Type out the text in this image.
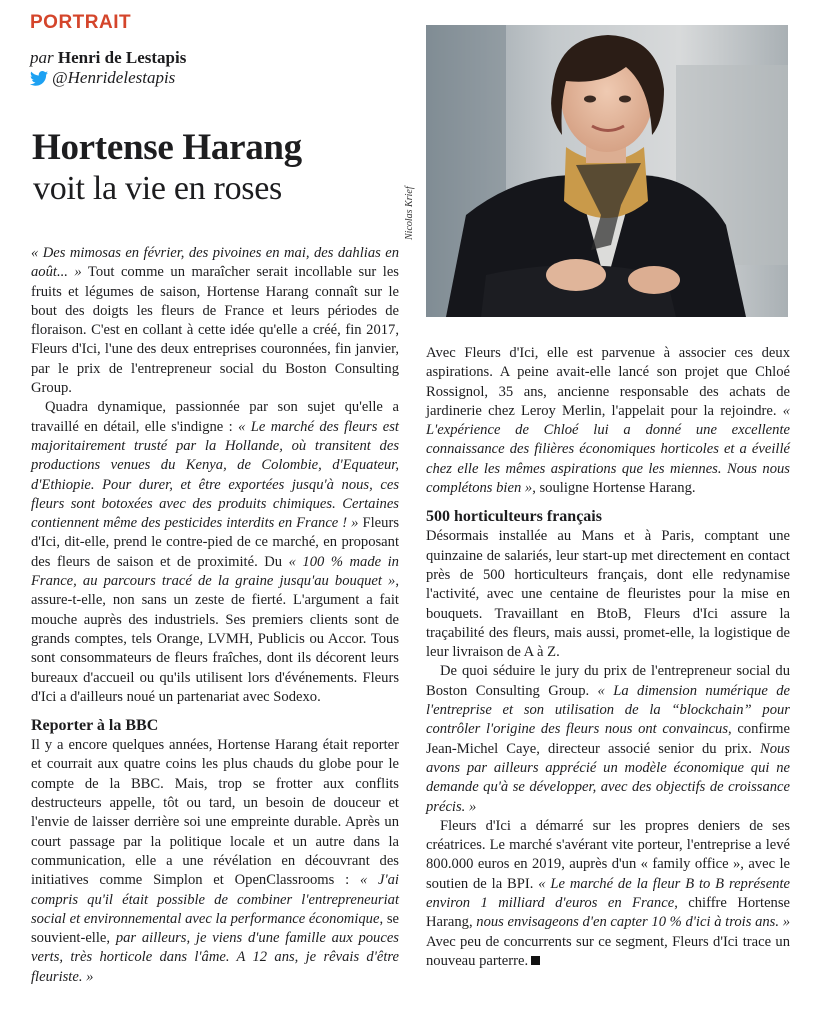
PORTRAIT
par Henri de Lestapis
@Henridelestapis
Hortense Harang
voit la vie en roses	Nicolas Krief

« Des mimosas en février, des pivoines en mai, des dahlias en août... » Tout comme un maraîcher serait incollable sur les fruits et légumes de saison, Hortense Harang connaît sur le bout des doigts les fleurs de France et leurs périodes de floraison. C'est en collant à cette idée qu'elle a créé, fin 2017, Fleurs d'Ici, l'une des deux entreprises couronnées, fin janvier, par le prix de l'entrepreneur social du Boston Consulting Group.

Quadra dynamique, passionnée par son sujet qu'elle a travaillé en détail, elle s'indigne : « Le marché des fleurs est majoritairement trusté par la Hollande, où transitent des productions venues du Kenya, de Colombie, d'Equateur, d'Ethiopie. Pour durer, et être exportées jusqu'à nous, ces fleurs sont botoxées avec des produits chimiques. Certaines contiennent même des pesticides interdits en France ! » Fleurs d'Ici, dit-elle, prend le contre-pied de ce marché, en proposant des fleurs de saison et de proximité. Du « 100 % made in France, au parcours tracé de la graine jusqu'au bouquet », assure-t-elle, non sans un zeste de fierté. L'argument a fait mouche auprès des industriels. Ses premiers clients sont de grands comptes, tels Orange, LVMH, Publicis ou Accor. Tous sont consommateurs de fleurs fraîches, dont ils décorent leurs bureaux d'accueil ou qu'ils utilisent lors d'événements. Fleurs d'Ici a d'ailleurs noué un partenariat avec Sodexo.

Reporter à la BBC

Il y a encore quelques années, Hortense Harang était reporter et courrait aux quatre coins les plus chauds du globe pour le compte de la BBC. Mais, trop se frotter aux conflits destructeurs appelle, tôt ou tard, un besoin de douceur et l'envie de laisser derrière soi une empreinte durable. Après un court passage par la politique locale et un autre dans la communication, elle a une révélation en découvrant des initiatives comme Simplon et OpenClassrooms : « J'ai compris qu'il était possible de combiner l'entrepreneuriat social et environnemental avec la performance économique, se souvient-elle, par ailleurs, je viens d'une famille aux pouces verts, très horticole dans l'âme. A 12 ans, je rêvais d'être fleuriste. »

Avec Fleurs d'Ici, elle est parvenue à associer ces deux aspirations. A peine avait-elle lancé son projet que Chloé Rossignol, 35 ans, ancienne responsable des achats de jardinerie chez Leroy Merlin, l'appelait pour la rejoindre. « L'expérience de Chloé lui a donné une excellente connaissance des filières économiques horticoles et a éveillé chez elle les mêmes aspirations que les miennes. Nous nous complétons bien », souligne Hortense Harang.

500 horticulteurs français

Désormais installée au Mans et à Paris, comptant une quinzaine de salariés, leur start-up met directement en contact près de 500 horticulteurs français, dont elle redynamise l'activité, avec une centaine de fleuristes pour la mise en bouquets. Travaillant en BtoB, Fleurs d'Ici assure la traçabilité des fleurs, mais aussi, promet-elle, la logistique de leur livraison de A à Z.

De quoi séduire le jury du prix de l'entrepreneur social du Boston Consulting Group. « La dimension numérique de l'entreprise et son utilisation de la “blockchain” pour contrôler l'origine des fleurs nous ont convaincus, confirme Jean-Michel Caye, directeur associé senior du prix. Nous avons par ailleurs apprécié un modèle économique qui ne demande qu'à se développer, avec des objectifs de croissance précis. »

Fleurs d'Ici a démarré sur les propres deniers de ses créatrices. Le marché s'avérant vite porteur, l'entreprise a levé 800.000 euros en 2019, auprès d'un « family office », avec le soutien de la BPI. « Le marché de la fleur B to B représente environ 1 milliard d'euros en France, chiffre Hortense Harang, nous envisageons d'en capter 10 % d'ici à trois ans. » Avec peu de concurrents sur ce segment, Fleurs d'Ici trace un nouveau parterre.
